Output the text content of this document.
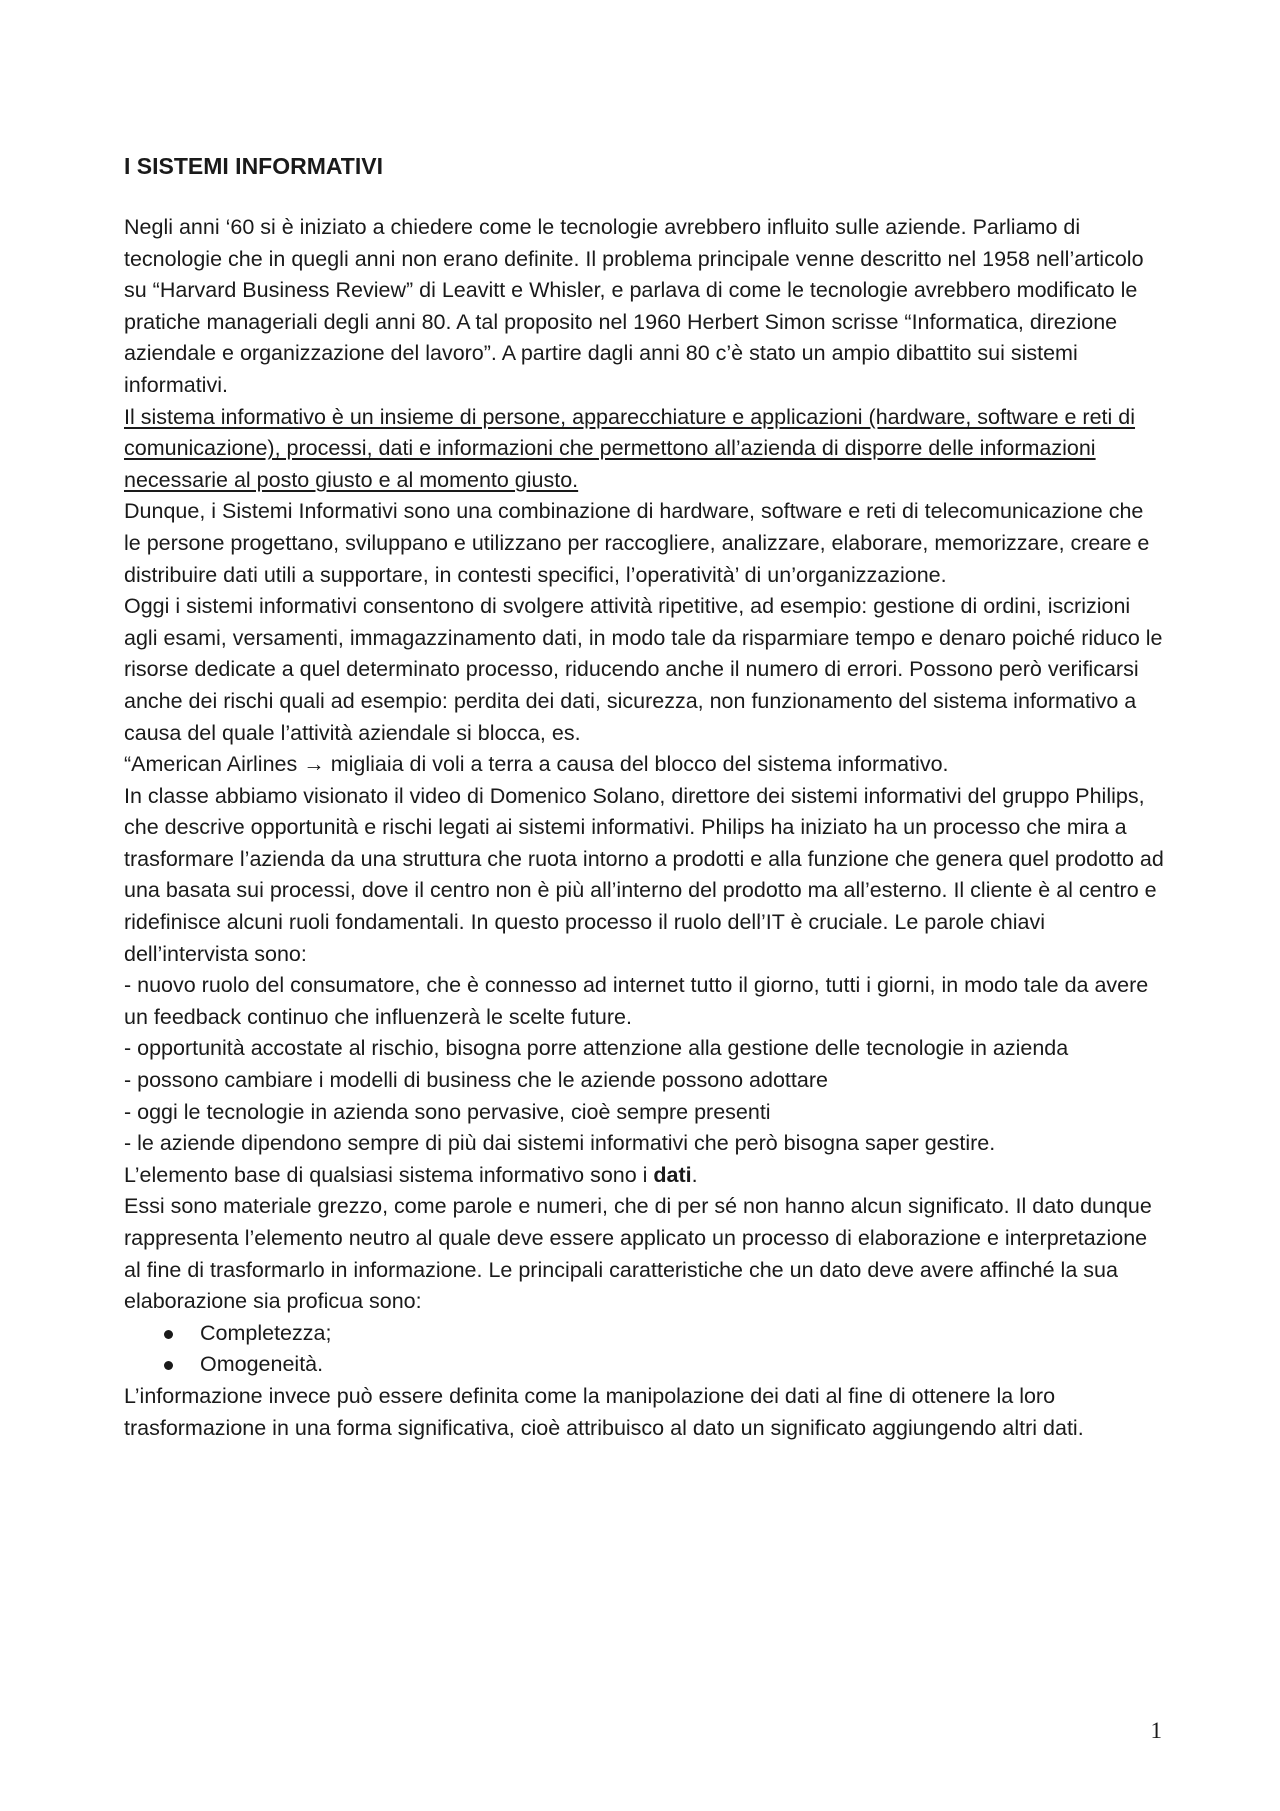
I SISTEMI INFORMATIVI

Negli anni ‘60 si è iniziato a chiedere come le tecnologie avrebbero influito sulle aziende. Parliamo di tecnologie che in quegli anni non erano definite. Il problema principale venne descritto nel 1958 nell’articolo su “Harvard Business Review” di Leavitt e Whisler, e parlava di come le tecnologie avrebbero modificato le pratiche manageriali degli anni 80. A tal proposito nel 1960 Herbert Simon scrisse “Informatica, direzione aziendale e organizzazione del lavoro”. A partire dagli anni 80 c’è stato un ampio dibattito sui sistemi informativi.

Il sistema informativo è un insieme di persone, apparecchiature e applicazioni (hardware, software e reti di comunicazione), processi, dati e informazioni che permettono all’azienda di disporre delle informazioni necessarie al posto giusto e al momento giusto.

Dunque, i Sistemi Informativi sono una combinazione di hardware, software e reti di telecomunicazione che le persone progettano, sviluppano e utilizzano per raccogliere, analizzare, elaborare, memorizzare, creare e distribuire dati utili a supportare, in contesti specifici, l’operatività’ di un’organizzazione.

Oggi i sistemi informativi consentono di svolgere attività ripetitive, ad esempio: gestione di ordini, iscrizioni agli esami, versamenti, immagazzinamento dati, in modo tale da risparmiare tempo e denaro poiché riduco le risorse dedicate a quel determinato processo, riducendo anche il numero di errori. Possono però verificarsi anche dei rischi quali ad esempio: perdita dei dati, sicurezza, non funzionamento del sistema informativo a causa del quale l’attività aziendale si blocca, es.

“American Airlines → migliaia di voli a terra a causa del blocco del sistema informativo.

In classe abbiamo visionato il video di Domenico Solano, direttore dei sistemi informativi del gruppo Philips, che descrive opportunità e rischi legati ai sistemi informativi. Philips ha iniziato ha un processo che mira a trasformare l’azienda da una struttura che ruota intorno a prodotti e alla funzione che genera quel prodotto ad una basata sui processi, dove il centro non è più all’interno del prodotto ma all’esterno. Il cliente è al centro e ridefinisce alcuni ruoli fondamentali. In questo processo il ruolo dell’IT è cruciale. Le parole chiavi dell’intervista sono:

- nuovo ruolo del consumatore, che è connesso ad internet tutto il giorno, tutti i giorni, in modo tale da avere un feedback continuo che influenzerà le scelte future.

- opportunità accostate al rischio, bisogna porre attenzione alla gestione delle tecnologie in azienda

- possono cambiare i modelli di business che le aziende possono adottare

- oggi le tecnologie in azienda sono pervasive, cioè sempre presenti

- le aziende dipendono sempre di più dai sistemi informativi che però bisogna saper gestire.

L’elemento base di qualsiasi sistema informativo sono i dati.

Essi sono materiale grezzo, come parole e numeri, che di per sé non hanno alcun significato. Il dato dunque rappresenta l’elemento neutro al quale deve essere applicato un processo di elaborazione e interpretazione al fine di trasformarlo in informazione. Le principali caratteristiche che un dato deve avere affinché la sua elaborazione sia proficua sono:

Completezza;
Omogeneità.

L’informazione invece può essere definita come la manipolazione dei dati al fine di ottenere la loro trasformazione in una forma significativa, cioè attribuisco al dato un significato aggiungendo altri dati.

1
